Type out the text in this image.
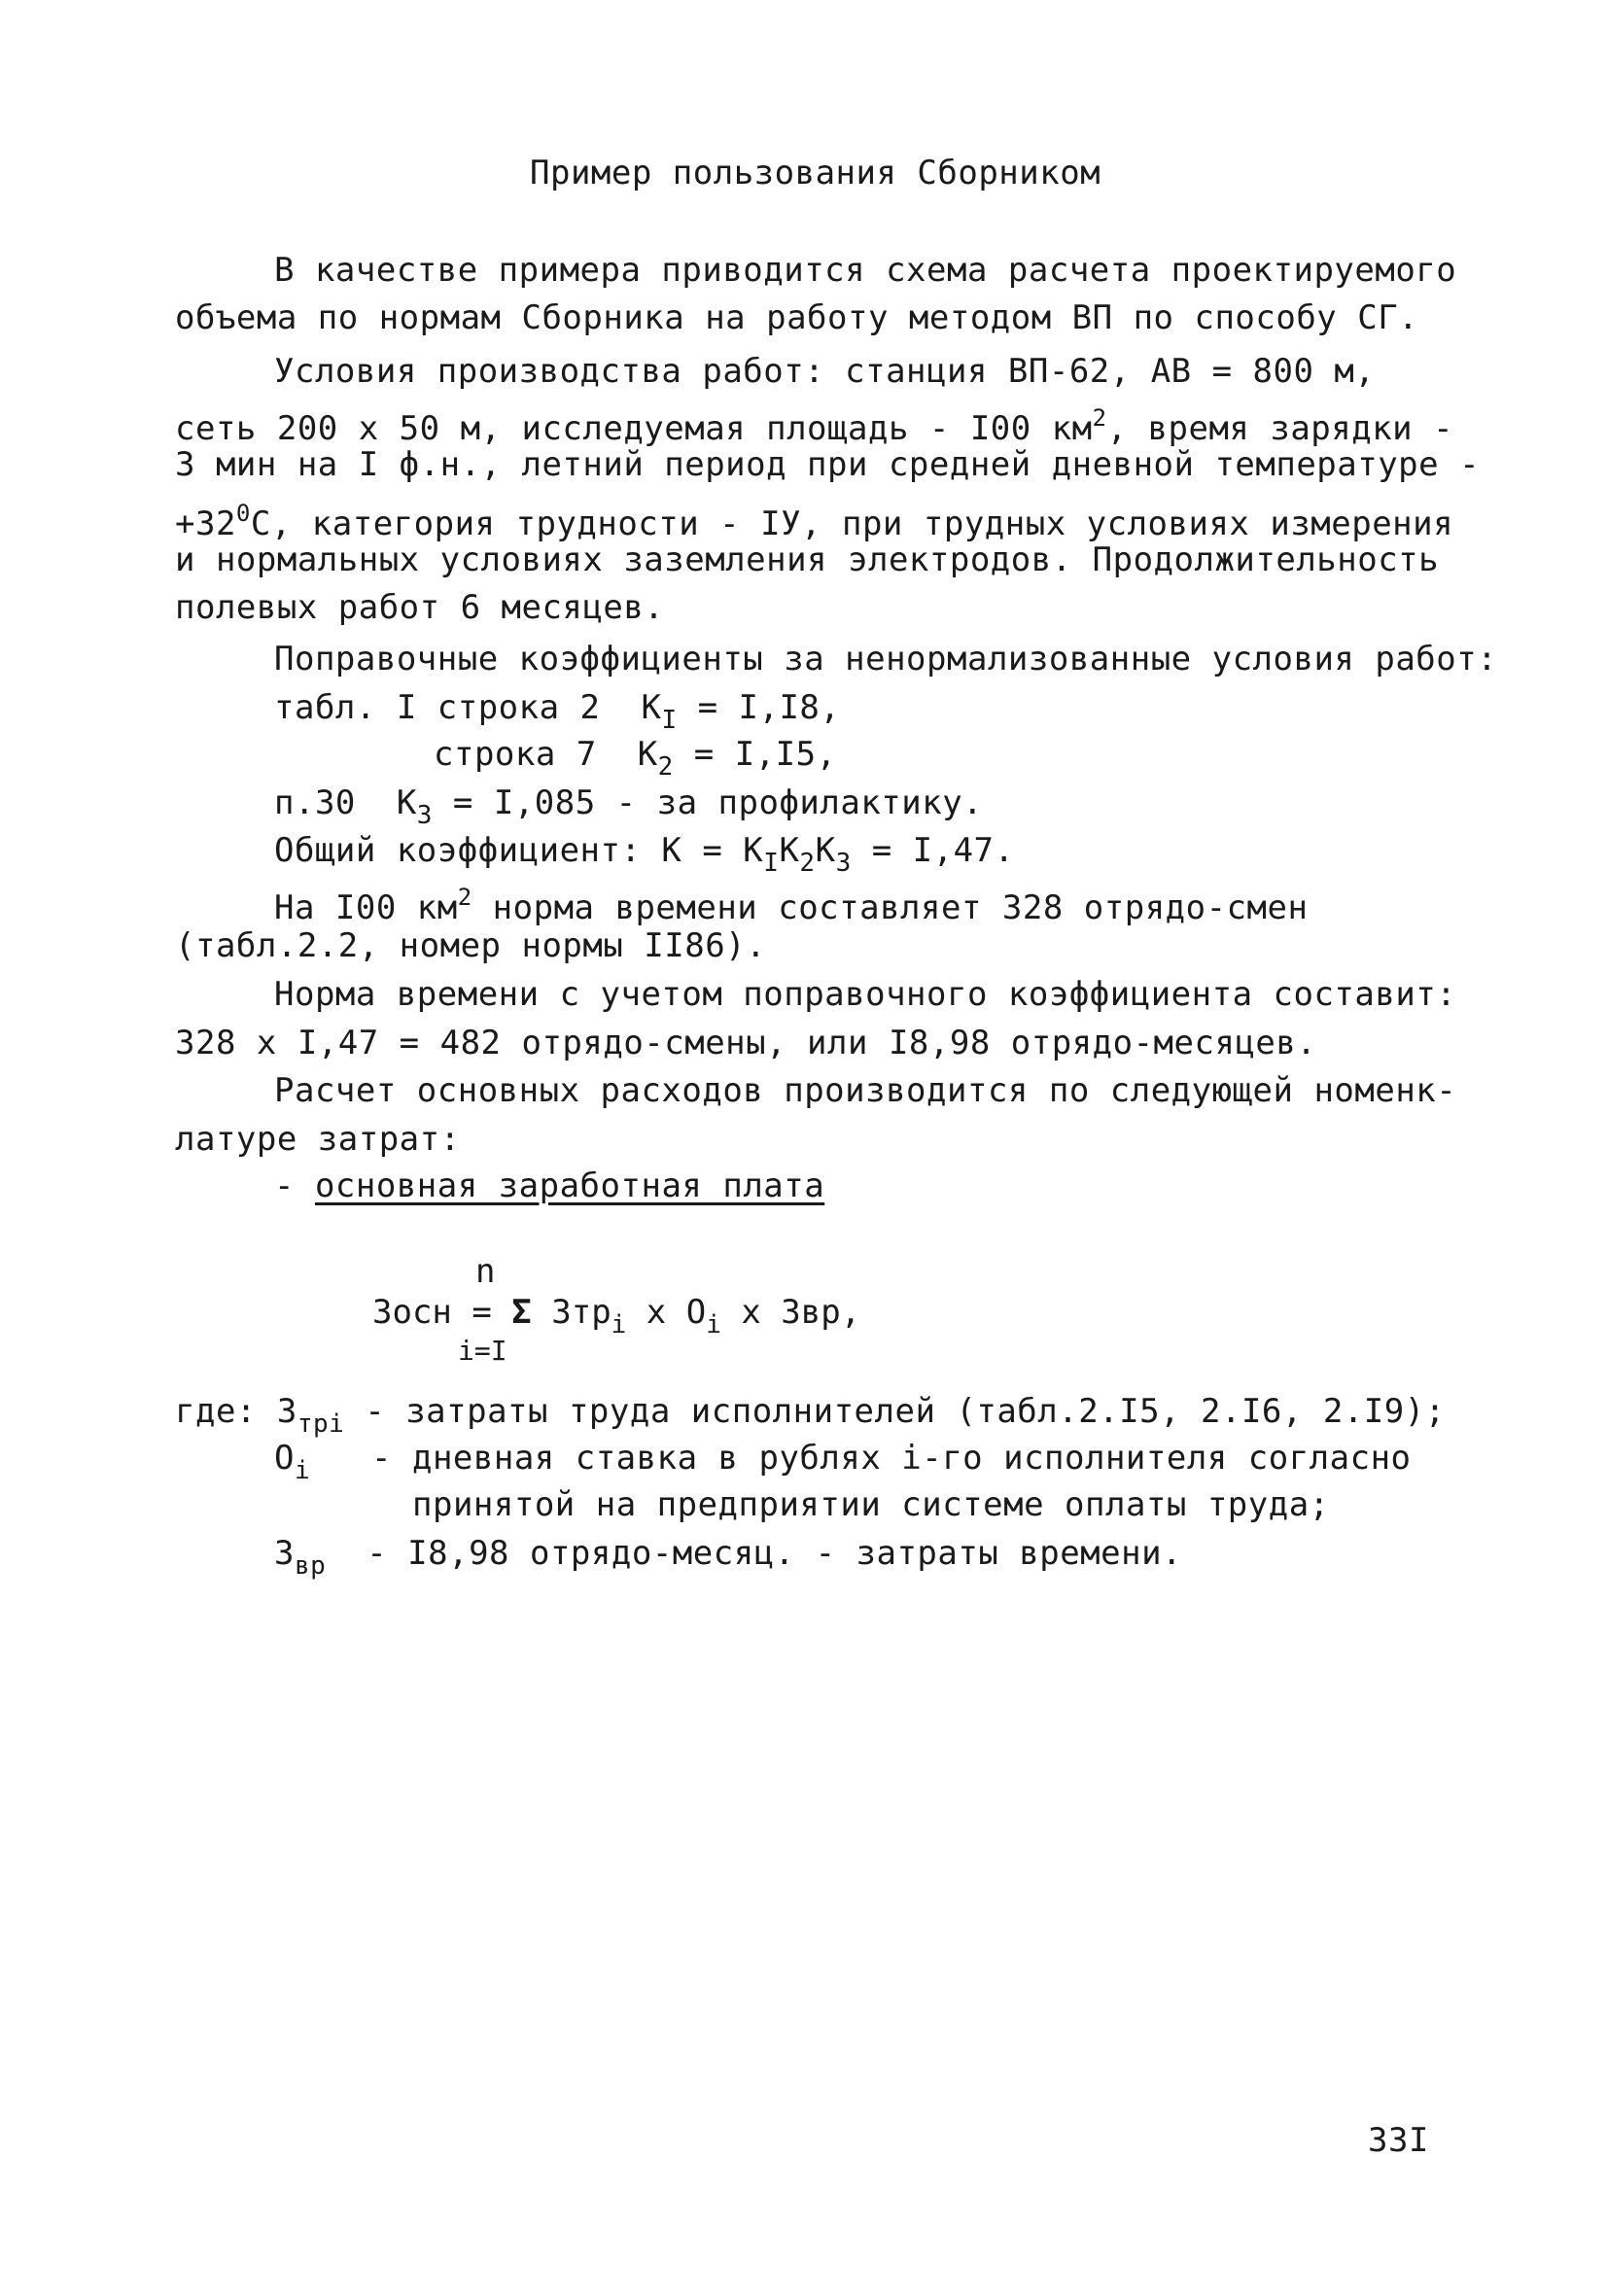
Пример пользования Сборником
В качестве примера приводится схема расчета проектируемого
объема по нормам Сборника на работу методом ВП по способу СГ.
Условия производства работ: станция ВП-62, АВ = 800 м,
сеть 200 х 50 м, исследуемая площадь - I00 $км^2$, время зарядки -
3 мин на I ф.н., летний период при средней дневной температуре -
$+32^0С$, категория трудности - IУ, при трудных условиях измерения
и нормальных условиях заземления электродов. Продолжительность
полевых работ 6 месяцев.
Поправочные коэффициенты за ненормализованные условия работ:
табл. I строка 2  $К_I = I,I8$,
строка 7  $К_2 = I,I5$,
п.30  $К_3 = I,085$ - за профилактику.
Общий коэффициент: $К = К_IК_2К_3 = I,47$.
На I00 $км^2$ норма времени составляет 328 отрядо-смен
(табл.2.2, номер нормы II86).
Норма времени с учетом поправочного коэффициента составит:
328 х I,47 = 482 отрядо-смены, или I8,98 отрядо-месяцев.
Расчет основных расходов производится по следующей номенк-
латуре затрат:
- основная заработная плата
n
Зосн = Σ Зтр$_i$ х $O_i$ х Звр,
i=I
где: $З_{трi}$ - затраты труда исполнителей (табл.2.I5, 2.I6, 2.I9);
$О_i$   - дневная ставка в рублях i-го исполнителя согласно
принятой на предприятии системе оплаты труда;
$З_{вр} - I8,98$ отрядо-месяц. - затраты времени.
33I
